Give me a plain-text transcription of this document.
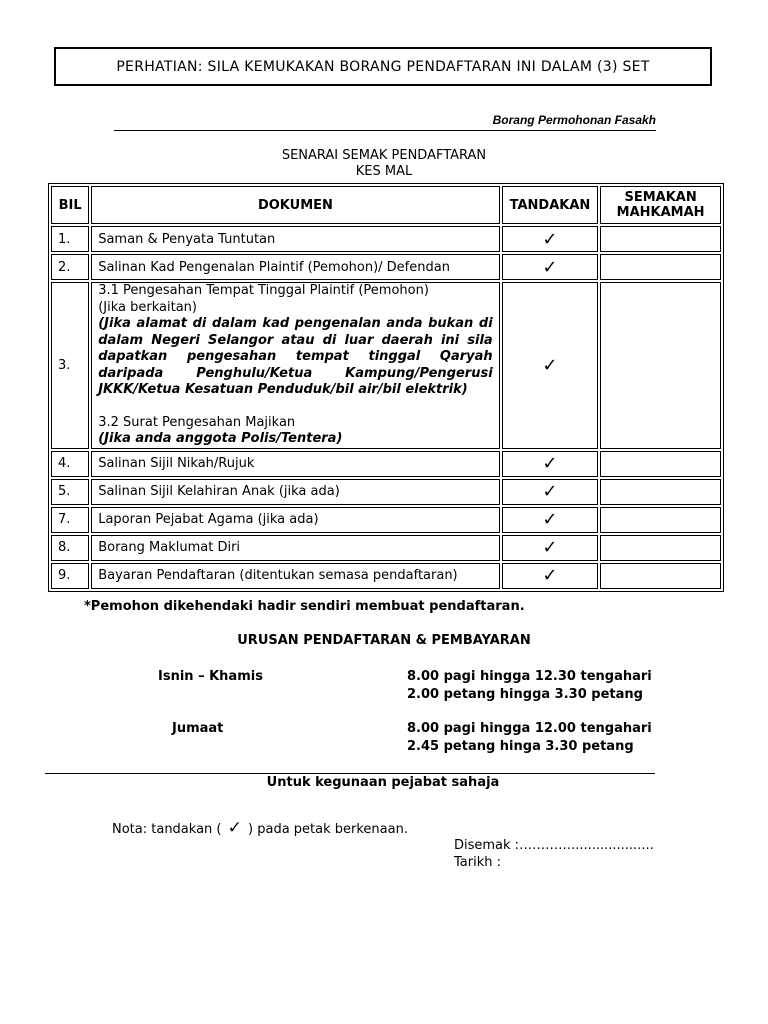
PERHATIAN: SILA KEMUKAKAN BORANG PENDAFTARAN INI DALAM (3) SET
Borang Permohonan Fasakh
SENARAI SEMAK PENDAFTARAN
KES MAL
BIL	DOKUMEN	TANDAKAN	SEMAKAN
MAHKAMAH
1.	Saman & Penyata Tuntutan	✓	
2.	Salinan Kad Pengenalan Plaintif (Pemohon)/ Defendan	✓	
3.	3.1 Pengesahan Tempat Tinggal Plaintif (Pemohon)
(Jika berkaitan)
(Jika alamat di dalam kad pengenalan anda bukan di dalam Negeri Selangor atau di luar daerah ini sila dapatkan pengesahan tempat tinggal Qaryah daripada Penghulu/Ketua Kampung/Pengerusi JKKK/Ketua Kesatuan Penduduk/bil air/bil elektrik)
3.2 Surat Pengesahan Majikan
(Jika anda anggota Polis/Tentera)	✓	
4.	Salinan Sijil Nikah/Rujuk	✓	
5.	Salinan Sijil Kelahiran Anak (jika ada)	✓	
7.	Laporan Pejabat Agama (jika ada)	✓	
8.	Borang Maklumat Diri	✓	
9.	Bayaran Pendaftaran (ditentukan semasa pendaftaran)	✓	
*Pemohon dikehendaki hadir sendiri membuat pendaftaran.
URUSAN PENDAFTARAN & PEMBAYARAN
Isnin – Khamis	8.00 pagi hingga 12.30 tengahari
2.00 petang hingga 3.30 petang
Jumaat	8.00 pagi hingga 12.00 tengahari
2.45 petang hinga 3.30 petang
Untuk kegunaan pejabat sahaja
Nota: tandakan ( ✓ ) pada petak berkenaan.
Disemak :…………....................
Tarikh :
